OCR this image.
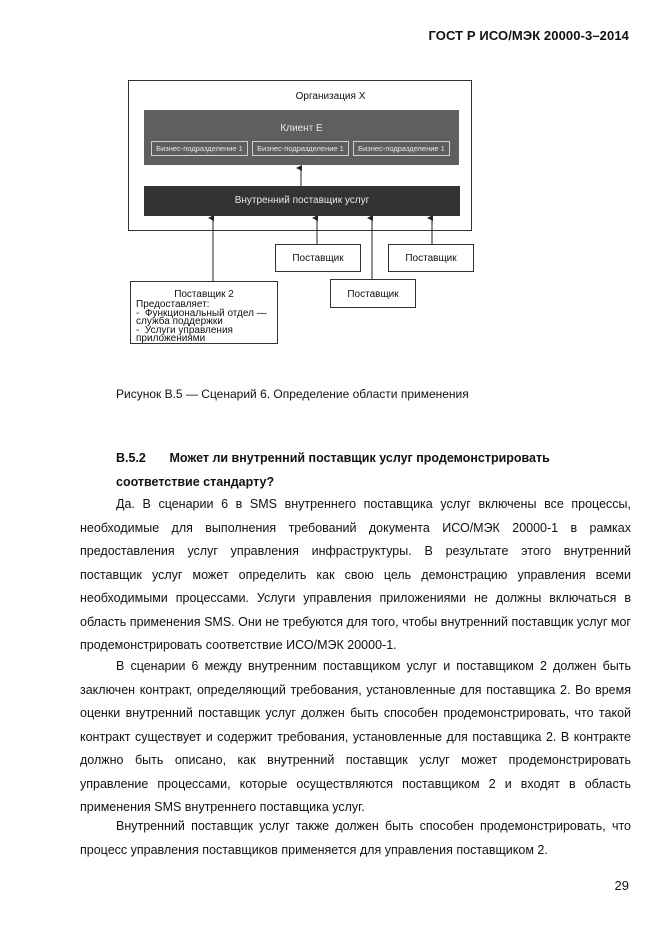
ГОСТ Р ИСО/МЭК 20000-3–2014
Организация X
Клиент E
Бизнес-подразделение 1	Бизнес-подразделение 1	Бизнес-подразделение 1
Внутренний поставщик услуг
Поставщик	Поставщик
Поставщик
Поставщик 2
Предоставляет:
-  Функциональный отдел —
служба поддержки
-  Услуги управления
приложениями
Рисунок В.5 — Сценарий 6. Определение области применения
В.5.2 Может ли внутренний поставщик услуг продемонстрировать соответствие стандарту?
Да. В сценарии 6 в SMS внутреннего поставщика услуг включены все процессы, необходимые для выполнения требований документа ИСО/МЭК 20000-1 в рамках предоставления услуг управления инфраструктуры. В результате этого внутренний поставщик услуг может определить как свою цель демонстрацию управления всеми необходимыми процессами. Услуги управления приложениями не должны включаться в область применения SMS. Они не требуются для того, чтобы внутренний поставщик услуг мог продемонстрировать соответствие ИСО/МЭК 20000-1.
В сценарии 6 между внутренним поставщиком услуг и поставщиком 2 должен быть заключен контракт, определяющий требования, установленные для поставщика 2. Во время оценки внутренний поставщик услуг должен быть способен продемонстрировать, что такой контракт существует и содержит требования, установленные для поставщика 2. В контракте должно быть описано, как внутренний поставщик услуг может продемонстрировать управление процессами, которые осуществляются поставщиком 2 и входят в область применения SMS внутреннего поставщика услуг.
Внутренний поставщик услуг также должен быть способен продемонстрировать, что процесс управления поставщиков применяется для управления поставщиком 2.
29
